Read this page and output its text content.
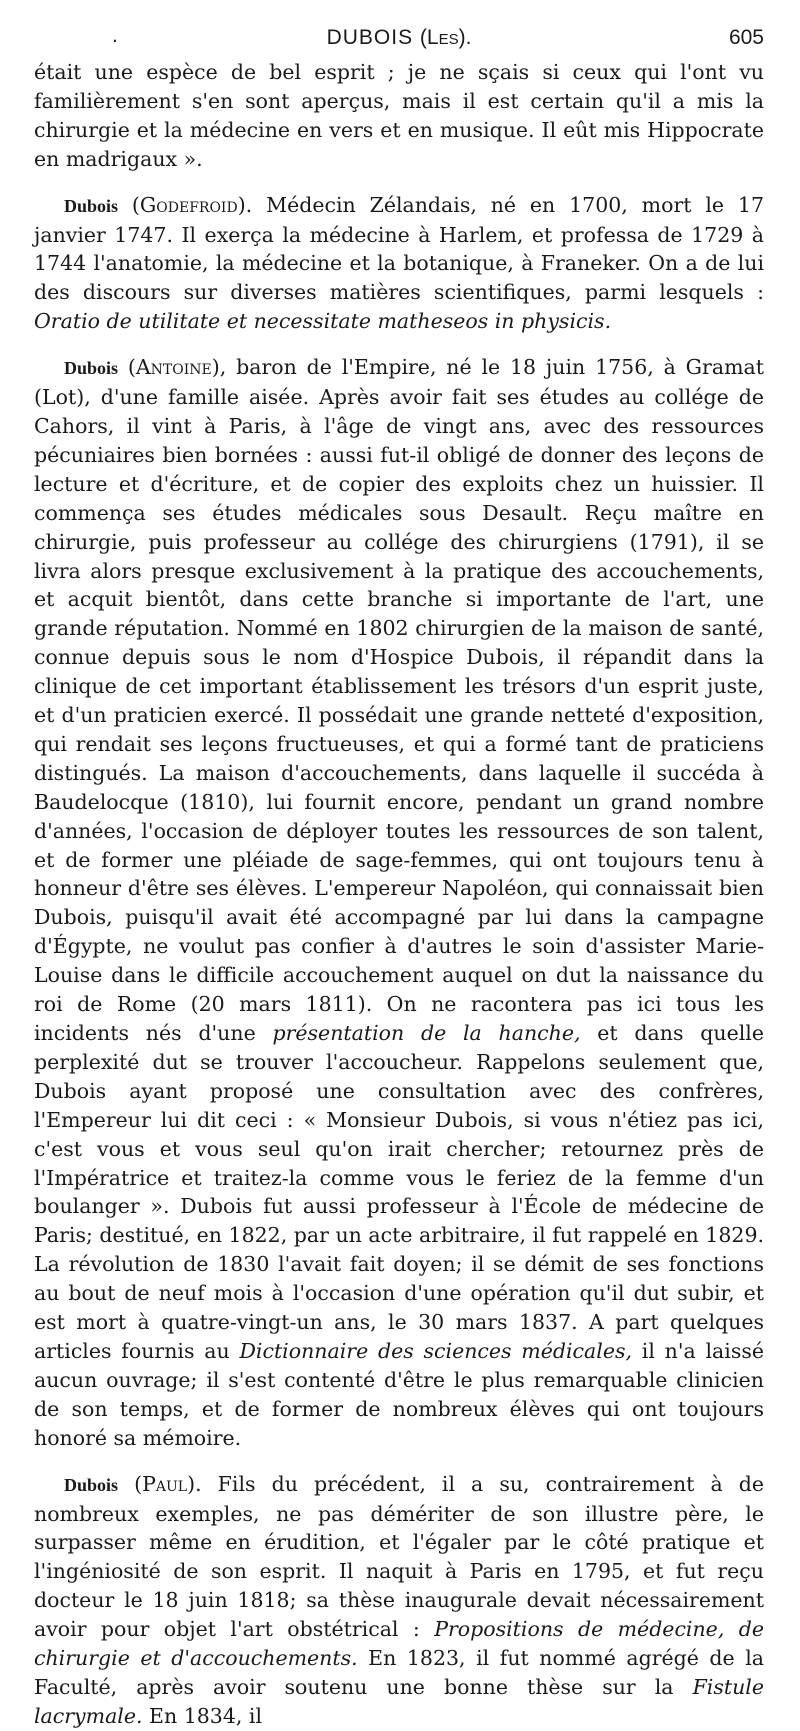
.	DUBOIS (Les).	605

était une espèce de bel esprit ; je ne sçais si ceux qui l'ont vu familièrement s'en sont aperçus, mais il est certain qu'il a mis la chirurgie et la médecine en vers et en musique. Il eût mis Hippocrate en madrigaux ».

Dubois (Godefroid). Médecin Zélandais, né en 1700, mort le 17 janvier 1747. Il exerça la médecine à Harlem, et professa de 1729 à 1744 l'anatomie, la médecine et la botanique, à Franeker. On a de lui des discours sur diverses matières scientifiques, parmi lesquels : Oratio de utilitate et necessitate matheseos in physicis.

Dubois (Antoine), baron de l'Empire, né le 18 juin 1756, à Gramat (Lot), d'une famille aisée. Après avoir fait ses études au collége de Cahors, il vint à Paris, à l'âge de vingt ans, avec des ressources pécuniaires bien bornées : aussi fut-il obligé de donner des leçons de lecture et d'écriture, et de copier des exploits chez un huissier. Il commença ses études médicales sous Desault. Reçu maître en chirurgie, puis professeur au collége des chirurgiens (1791), il se livra alors presque exclusivement à la pratique des accouchements, et acquit bientôt, dans cette branche si importante de l'art, une grande réputation. Nommé en 1802 chirurgien de la maison de santé, connue depuis sous le nom d'Hospice Dubois, il répandit dans la clinique de cet important établissement les trésors d'un esprit juste, et d'un praticien exercé. Il possédait une grande netteté d'exposition, qui rendait ses leçons fructueuses, et qui a formé tant de praticiens distingués. La maison d'accouchements, dans laquelle il succéda à Baudelocque (1810), lui fournit encore, pendant un grand nombre d'années, l'occasion de déployer toutes les ressources de son talent, et de former une pléiade de sage-femmes, qui ont toujours tenu à honneur d'être ses élèves. L'empereur Napoléon, qui connaissait bien Dubois, puisqu'il avait été accompagné par lui dans la campagne d'Égypte, ne voulut pas confier à d'autres le soin d'assister Marie-Louise dans le difficile accouchement auquel on dut la naissance du roi de Rome (20 mars 1811). On ne racontera pas ici tous les incidents nés d'une présentation de la hanche, et dans quelle perplexité dut se trouver l'accoucheur. Rappelons seulement que, Dubois ayant proposé une consultation avec des confrères, l'Empereur lui dit ceci : « Monsieur Dubois, si vous n'étiez pas ici, c'est vous et vous seul qu'on irait chercher; retournez près de l'Impératrice et traitez-la comme vous le feriez de la femme d'un boulanger ». Dubois fut aussi professeur à l'École de médecine de Paris; destitué, en 1822, par un acte arbitraire, il fut rappelé en 1829. La révolution de 1830 l'avait fait doyen; il se démit de ses fonctions au bout de neuf mois à l'occasion d'une opération qu'il dut subir, et est mort à quatre-vingt-un ans, le 30 mars 1837. A part quelques articles fournis au Dictionnaire des sciences médicales, il n'a laissé aucun ouvrage; il s'est contenté d'être le plus remarquable clinicien de son temps, et de former de nombreux élèves qui ont toujours honoré sa mémoire.

Dubois (Paul). Fils du précédent, il a su, contrairement à de nombreux exemples, ne pas démériter de son illustre père, le surpasser même en érudition, et l'égaler par le côté pratique et l'ingéniosité de son esprit. Il naquit à Paris en 1795, et fut reçu docteur le 18 juin 1818; sa thèse inaugurale devait nécessairement avoir pour objet l'art obstétrical : Propositions de médecine, de chirurgie et d'accouchements. En 1823, il fut nommé agrégé de la Faculté, après avoir soutenu une bonne thèse sur la Fistule lacrymale. En 1834, il
